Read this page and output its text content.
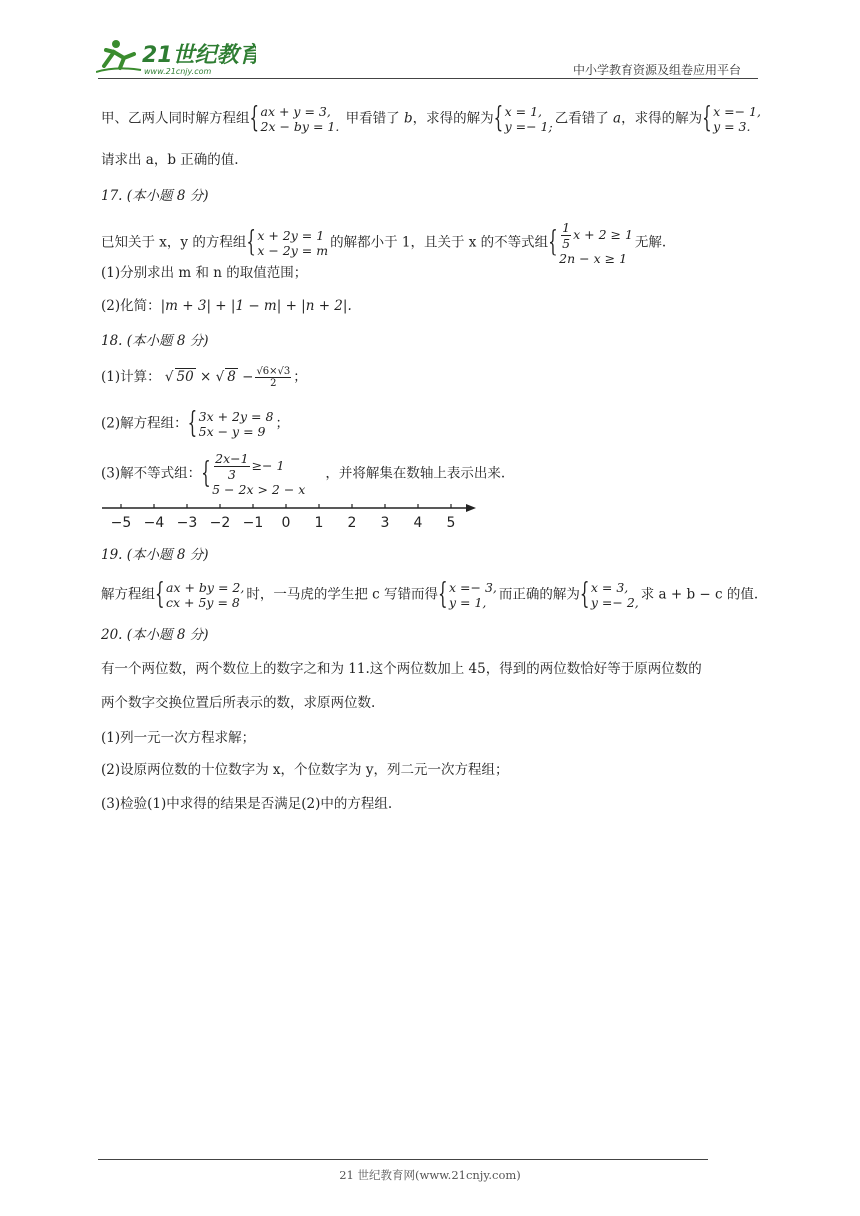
21世纪教育
www.21cnjy.com	中小学教育资源及组卷应用平台
甲、乙两人同时解方程组 { ax + y = 3,
2x − by = 1. 甲看错了 b，求得的解为 { x = 1,
y =− 1; 乙看错了 a，求得的解为 { x =− 1,
y = 3.
请求出 a，b 正确的值.
17. (本小题 8 分)
已知关于 x，y 的方程组 { x + 2y = 1
x − 2y = m 的解都小于 1，且关于 x 的不等式组 { $\frac{1}{5}$ x + 2 ≥ 1
2n − x ≥ 1
无解.
(1)分别求出 m 和 n 的取值范围；
(2)化简：|m + 3| + |1 − m| + |n + 2|.
18. (本小题 8 分)
(1)计算： √ 50 × √ $8 - \frac{√6\times√3}{2}$ ；
(2)解方程组： { 3x + 2y = 8
5x − y = 9 ；
(3)解不等式组： { $\frac{2x-1}{3} \ge- 1$
5 − 2x > 2 − x
，并将解集在数轴上表示出来.
−5 −4 −3 −2 −1 0 1 2 3 4 5
19. (本小题 8 分)
解方程组 { ax + by = 2,
cx + 5y = 8 时，一马虎的学生把 c 写错而得 { x =− 3,
y = 1, 而正确的解为 { x = 3,
y =− 2, 求 a + b − c 的值.
20. (本小题 8 分)
有一个两位数，两个数位上的数字之和为 11.这个两位数加上 45，得到的两位数恰好等于原两位数的
两个数字交换位置后所表示的数，求原两位数.
(1)列一元一次方程求解；
(2)设原两位数的十位数字为 x，个位数字为 y，列二元一次方程组；
(3)检验(1)中求得的结果是否满足(2)中的方程组.
21 世纪教育网(www.21cnjy.com)
